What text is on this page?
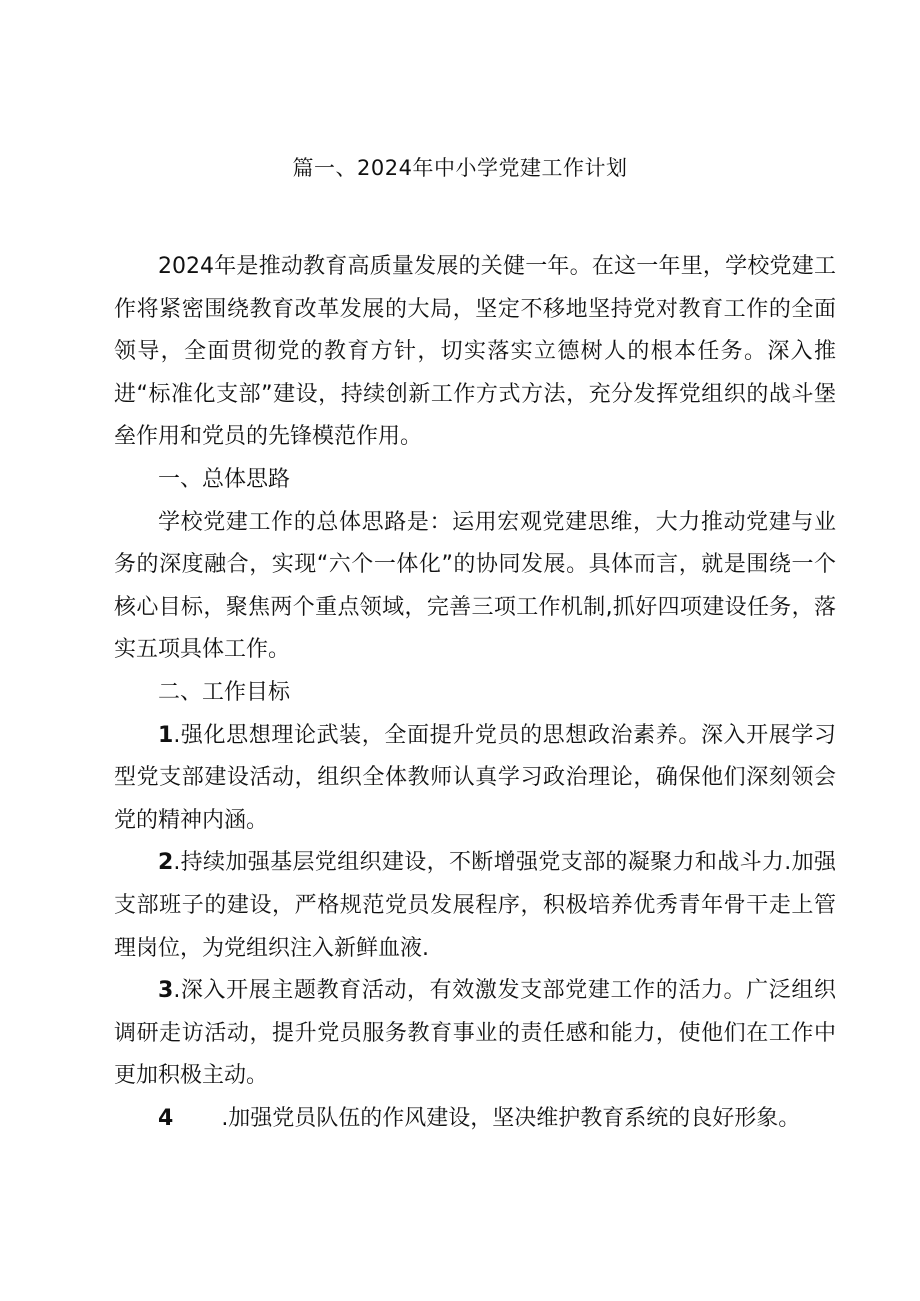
篇一、2024年中小学党建工作计划

2024年是推动教育高质量发展的关健一年。在这一年里，学校党建工作将紧密围绕教育改革发展的大局，坚定不移地坚持党对教育工作的全面领导，全面贯彻党的教育方针，切实落实立德树人的根本任务。深入推进“标准化支部”建设，持续创新工作方式方法，充分发挥党组织的战斗堡垒作用和党员的先锋模范作用。

一、总体思路

学校党建工作的总体思路是：运用宏观党建思维，大力推动党建与业务的深度融合，实现“六个一体化”的协同发展。具体而言，就是围绕一个核心目标，聚焦两个重点领域，完善三项工作机制,抓好四项建设任务，落实五项具体工作。

二、工作目标

1.强化思想理论武装，全面提升党员的思想政治素养。深入开展学习型党支部建设活动，组织全体教师认真学习政治理论，确保他们深刻领会党的精神内涵。

2.持续加强基层党组织建设，不断增强党支部的凝聚力和战斗力.加强支部班子的建设，严格规范党员发展程序，积极培养优秀青年骨干走上管理岗位，为党组织注入新鲜血液.

3.深入开展主题教育活动，有效激发支部党建工作的活力。广泛组织调研走访活动，提升党员服务教育事业的责任感和能力，使他们在工作中更加积极主动。

4 .加强党员队伍的作风建设，坚决维护教育系统的良好形象。
